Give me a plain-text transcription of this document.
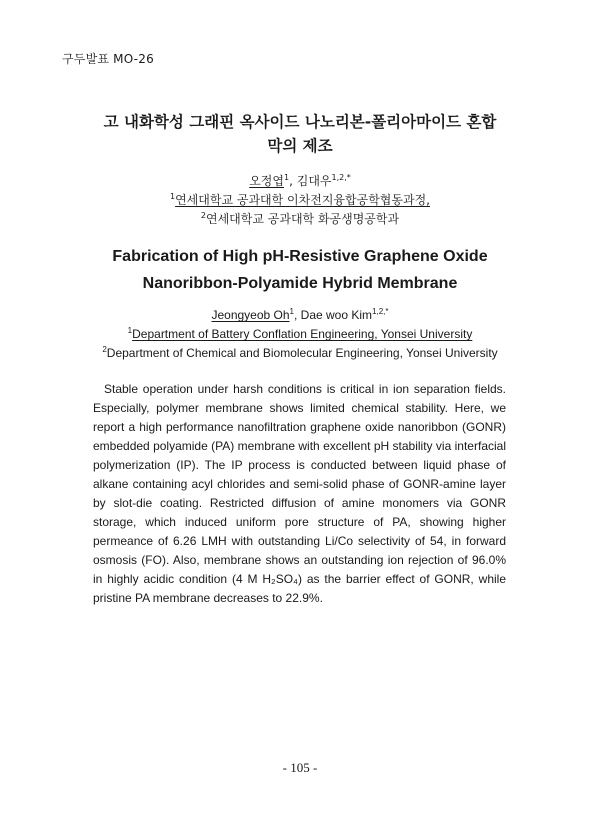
구두발표 MO-26
고 내화학성 그래핀 옥사이드 나노리본-폴리아마이드 혼합
막의 제조
오정엽$^1$, 김대우$^{1,2,*}$
$^1$연세대학교 공과대학 이차전지융합공학협동과정,
$^2$연세대학교 공과대학 화공생명공학과
Fabrication of High pH-Resistive Graphene Oxide
Nanoribbon-Polyamide Hybrid Membrane
Jeongyeob Oh$^1$, Dae woo Kim$^{1,2,*}$
$^1$Department of Battery Conflation Engineering, Yonsei University
$^2$Department of Chemical and Biomolecular Engineering, Yonsei University
Stable operation under harsh conditions is critical in ion separation fields. Especially, polymer membrane shows limited chemical stability. Here, we report a high performance nanofiltration graphene oxide nanoribbon (GONR) embedded polyamide (PA) membrane with excellent pH stability via interfacial polymerization (IP). The IP process is conducted between liquid phase of alkane containing acyl chlorides and semi-solid phase of GONR-amine layer by slot-die coating. Restricted diffusion of amine monomers via GONR storage, which induced uniform pore structure of PA, showing higher permeance of 6.26 LMH with outstanding Li/Co selectivity of 54, in forward osmosis (FO). Also, membrane shows an outstanding ion rejection of 96.0% in highly acidic condition (4 M H₂SO₄) as the barrier effect of GONR, while pristine PA membrane decreases to 22.9%.
- 105 -
